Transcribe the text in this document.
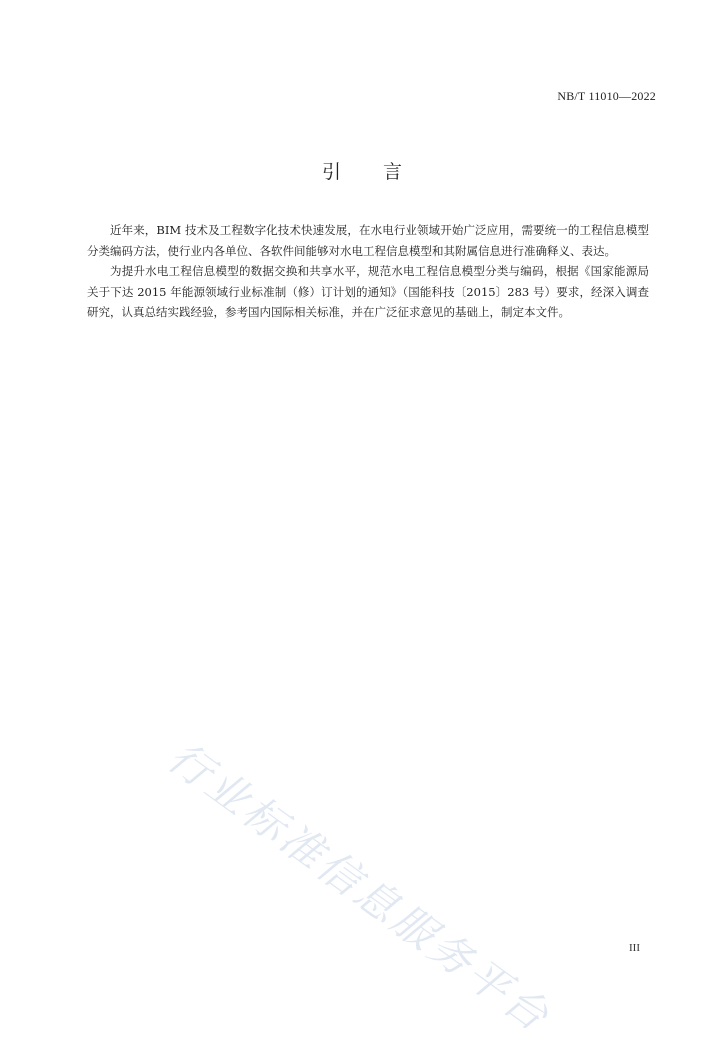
NB/T 11010—2022
引言

近年来，BIM 技术及工程数字化技术快速发展，在水电行业领域开始广泛应用，需要统一的工程信息模型分类编码方法，使行业内各单位、各软件间能够对水电工程信息模型和其附属信息进行准确释义、表达。

为提升水电工程信息模型的数据交换和共享水平，规范水电工程信息模型分类与编码，根据《国家能源局关于下达 2015 年能源领域行业标准制（修）订计划的通知》（国能科技〔2015〕283 号）要求，经深入调查研究，认真总结实践经验，参考国内国际相关标准，并在广泛征求意见的基础上，制定本文件。

行业标准信息服务平台	III
